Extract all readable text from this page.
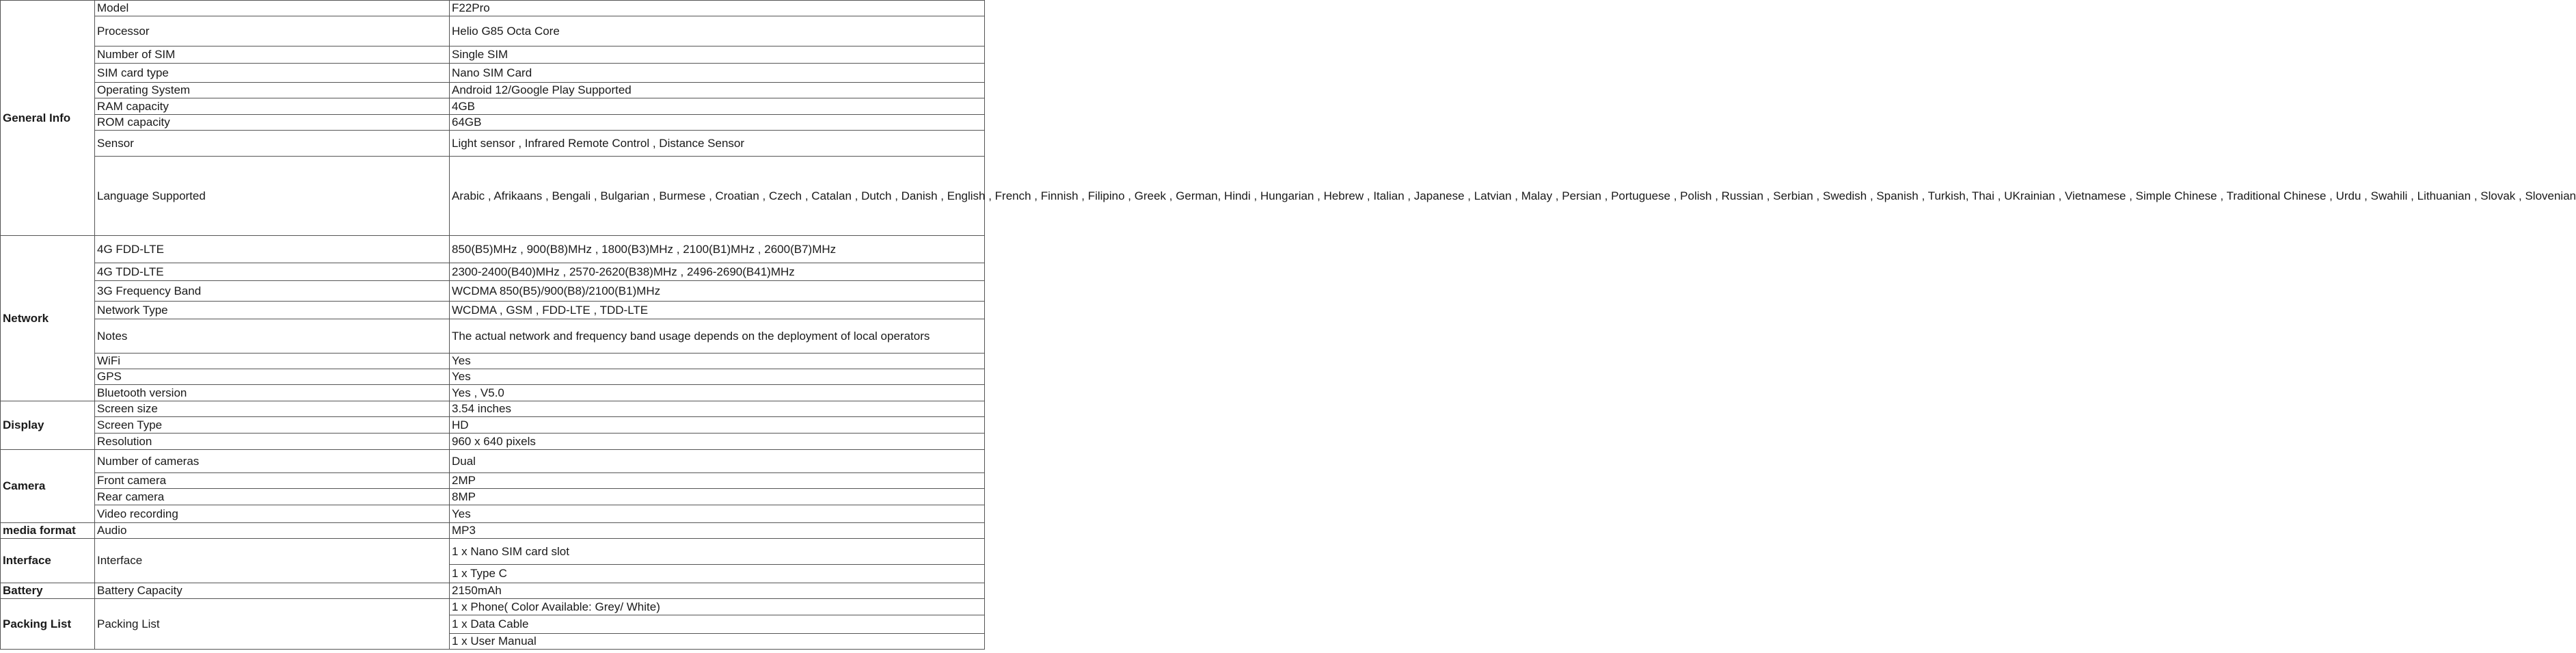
General Info	Model	F22Pro
	Processor	Helio G85 Octa Core
	Number of SIM	Single SIM
	SIM card type	Nano SIM Card
	Operating System	Android 12/Google Play Supported
	RAM capacity	4GB
	ROM capacity	64GB
	Sensor	Light sensor , Infrared Remote Control , Distance Sensor
	Language Supported	Arabic , Afrikaans , Bengali , Bulgarian , Burmese , Croatian , Czech , Catalan , Dutch , Danish , English , French , Finnish , Filipino , Greek , German, Hindi , Hungarian , Hebrew , Italian , Japanese , Latvian , Malay , Persian , Portuguese , Polish , Russian , Serbian , Swedish , Spanish , Turkish, Thai , UKrainian , Vietnamese , Simple Chinese , Traditional Chinese , Urdu , Swahili , Lithuanian , Slovak , Slovenian
Network	4G FDD-LTE	850(B5)MHz , 900(B8)MHz , 1800(B3)MHz , 2100(B1)MHz , 2600(B7)MHz
	4G TDD-LTE	2300-2400(B40)MHz , 2570-2620(B38)MHz , 2496-2690(B41)MHz
	3G Frequency Band	WCDMA 850(B5)/900(B8)/2100(B1)MHz
	Network Type	WCDMA , GSM , FDD-LTE , TDD-LTE
	Notes	The actual network and frequency band usage depends on the deployment of local operators
	WiFi	Yes
	GPS	Yes
	Bluetooth version	Yes , V5.0
Display	Screen size	3.54 inches
	Screen Type	HD
	Resolution	960 x 640 pixels
Camera	Number of cameras	Dual
	Front camera	2MP
	Rear camera	8MP
	Video recording	Yes
media format	Audio	MP3
Interface	Interface	1 x Nano SIM card slot
		1 x Type C
Battery	Battery Capacity	2150mAh
Packing List	Packing List	1 x Phone( Color Available: Grey/ White)
		1 x Data Cable
		1 x User Manual
